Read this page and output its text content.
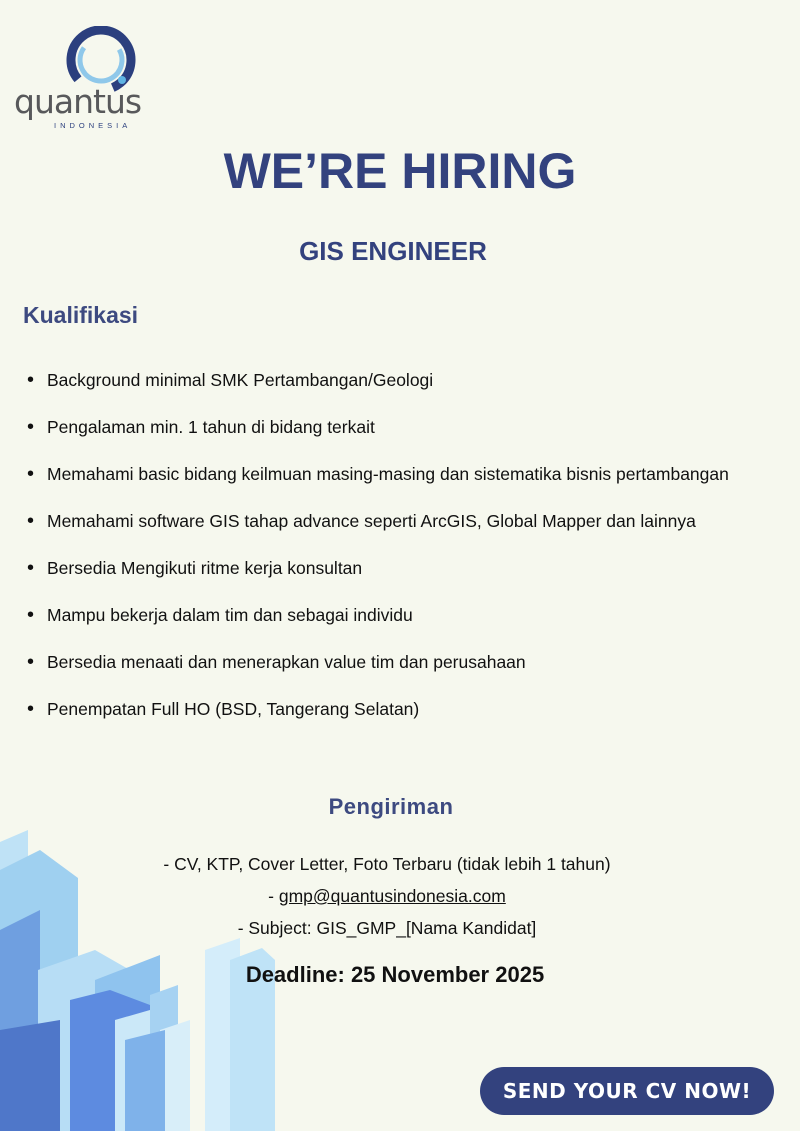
quantus
INDONESIA
WE’RE HIRING
GIS ENGINEER
Kualifikasi
• Background minimal SMK Pertambangan/Geologi
• Pengalaman min. 1 tahun di bidang terkait
• Memahami basic bidang keilmuan masing-masing dan sistematika bisnis pertambangan
• Memahami software GIS tahap advance seperti ArcGIS, Global Mapper dan lainnya
• Bersedia Mengikuti ritme kerja konsultan
• Mampu bekerja dalam tim dan sebagai individu
• Bersedia menaati dan menerapkan value tim dan perusahaan
• Penempatan Full HO (BSD, Tangerang Selatan)
Pengiriman
- CV, KTP, Cover Letter, Foto Terbaru (tidak lebih 1 tahun)
- gmp@quantusindonesia.com
- Subject: GIS_GMP_[Nama Kandidat]
Deadline: 25 November 2025
SEND YOUR CV NOW!
